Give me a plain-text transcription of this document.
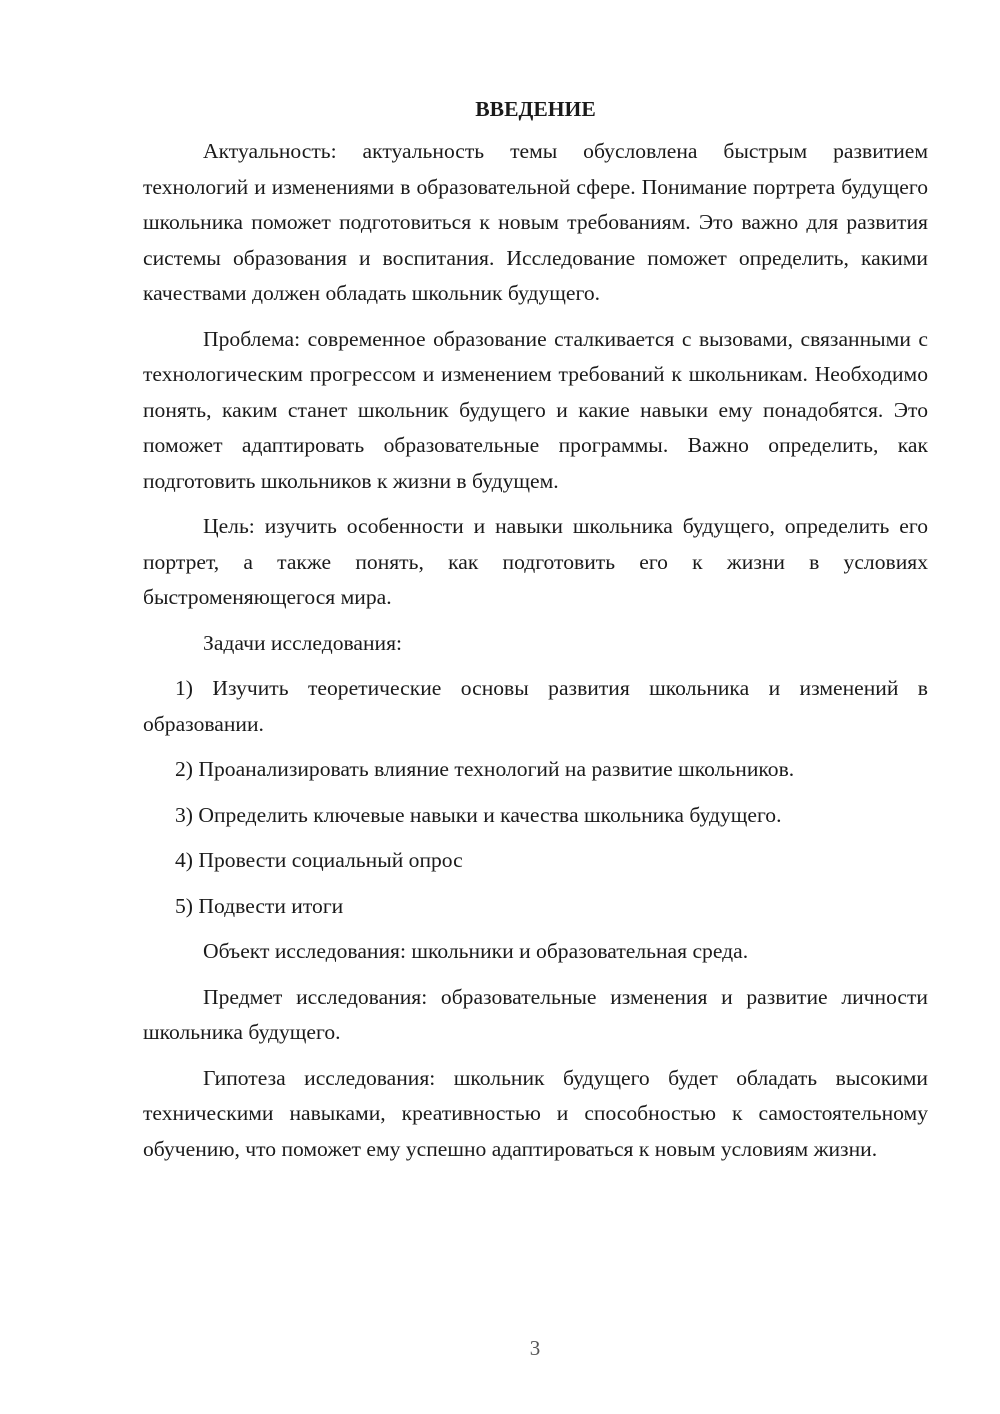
ВВЕДЕНИЕ

Актуальность: актуальность темы обусловлена быстрым развитием технологий и изменениями в образовательной сфере. Понимание портрета будущего школьника поможет подготовиться к новым требованиям. Это важно для развития системы образования и воспитания. Исследование поможет определить, какими качествами должен обладать школьник будущего.

Проблема: современное образование сталкивается с вызовами, связанными с технологическим прогрессом и изменением требований к школьникам. Необходимо понять, каким станет школьник будущего и какие навыки ему понадобятся. Это поможет адаптировать образовательные программы. Важно определить, как подготовить школьников к жизни в будущем.

Цель: изучить особенности и навыки школьника будущего, определить его портрет, а также понять, как подготовить его к жизни в условиях быстроменяющегося мира.

Задачи исследования:

1) Изучить теоретические основы развития школьника и изменений в образовании.

2) Проанализировать влияние технологий на развитие школьников.

3) Определить ключевые навыки и качества школьника будущего.

4) Провести социальный опрос

5) Подвести итоги

Объект исследования: школьники и образовательная среда.

Предмет исследования: образовательные изменения и развитие личности школьника будущего.

Гипотеза исследования: школьник будущего будет обладать высокими техническими навыками, креативностью и способностью к самостоятельному обучению, что поможет ему успешно адаптироваться к новым условиям жизни.

3
